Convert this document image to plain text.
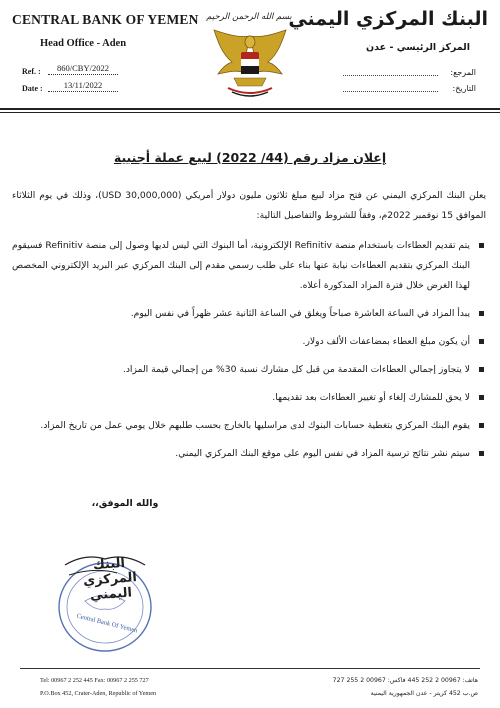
CENTRAL BANK OF YEMEN
Head Office - Aden
Ref. :	860/CBY/2022
Date :	13/11/2022
بسم الله الرحمن الرحيم
البنك المركزي اليمني
المركز الرئيسي - عدن
المرجع:
التاريخ:
إعلان مزاد رقم (44/ 2022) لبيع عملة أجنبية

يعلن البنك المركزي اليمني عن فتح مزاد لبيع مبلغ ثلاثون مليون دولار أمريكي (30,000,000 USD)، وذلك في يوم الثلاثاء الموافق 15 نوفمبر 2022م، وفقاً للشروط والتفاصيل التالية:

يتم تقديم العطاءات باستخدام منصة Refinitiv الإلكترونية، أما البنوك التي ليس لديها وصول إلى منصة Refinitiv فسيقوم البنك المركزي بتقديم العطاءات نيابة عنها بناء على طلب رسمي مقدم إلى البنك المركزي عبر البريد الإلكتروني المخصص لهذا الغرض خلال فترة المزاد المذكورة أعلاه.
يبدأ المزاد في الساعة العاشرة صباحاً ويغلق في الساعة الثانية عشر ظهراً في نفس اليوم.
أن يكون مبلغ العطاء بمضاعفات الألف دولار.
لا يتجاوز إجمالي العطاءات المقدمة من قبل كل مشارك نسبة 30% من إجمالي قيمة المزاد.
لا يحق للمشارك إلغاء أو تغيير العطاءات بعد تقديمها.
يقوم البنك المركزي بتغطية حسابات البنوك لدى مراسليها بالخارج بحسب طلبهم خلال يومي عمل من تاريخ المزاد.
سيتم نشر نتائج ترسية المزاد في نفس اليوم على موقع البنك المركزي اليمني.
والله الموفق،،
البنك المركزي اليمني
Central Bank Of Yemen
Tel: 00967 2 252 445 Fax: 00967 2 255 727
P.O.Box 452, Crater-Aden, Republic of Yemen
هاتف: 00967 2 252 445 فاكس: 00967 2 255 727
ص.ب 452 كريتر - عدن الجمهورية اليمنية
